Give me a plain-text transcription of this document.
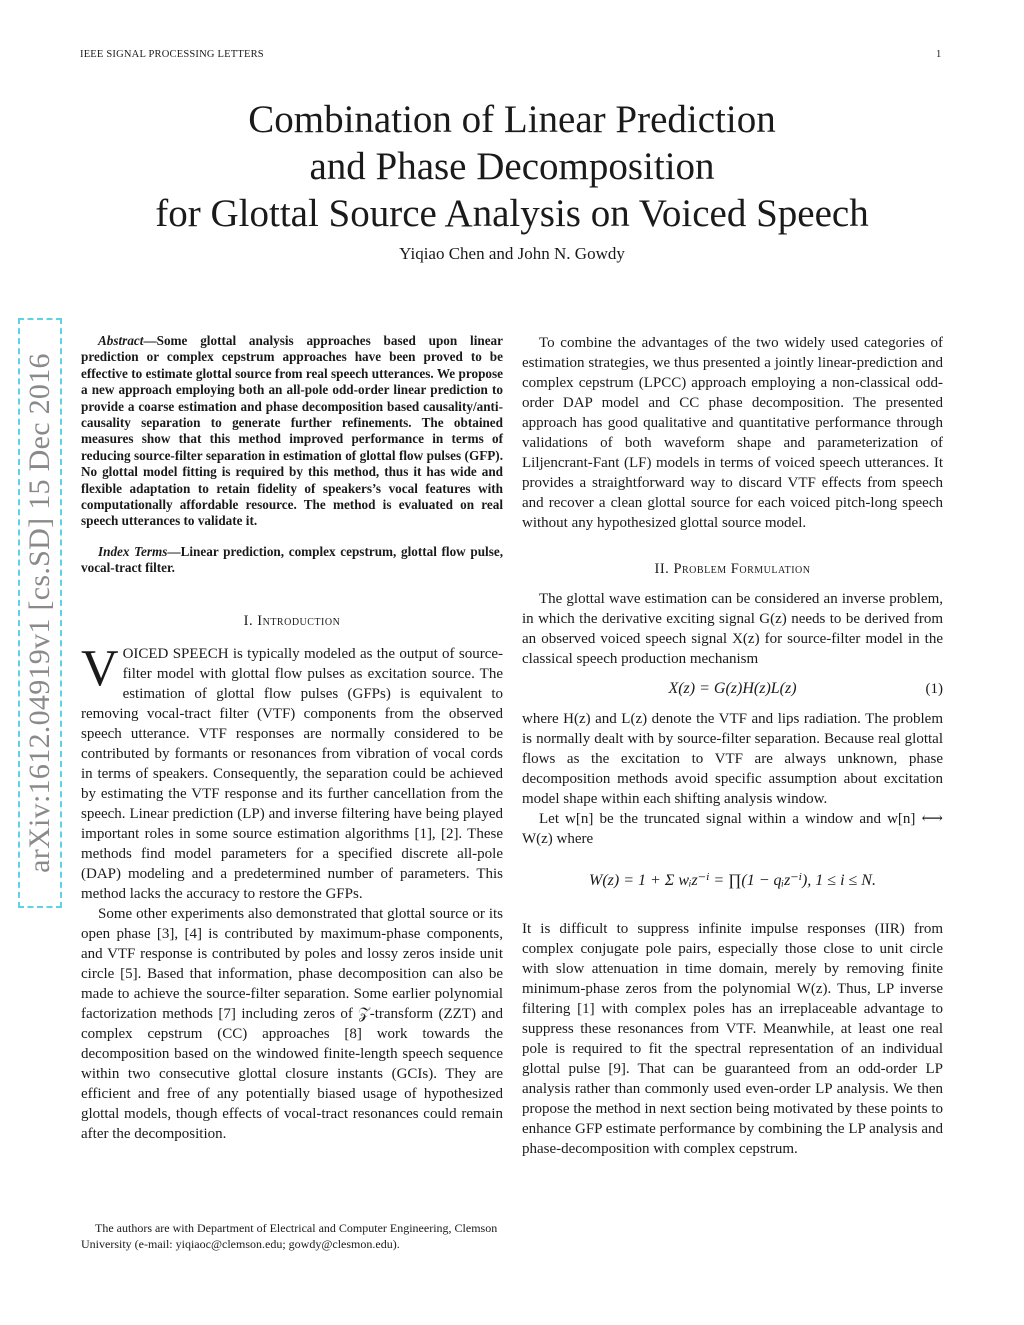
IEEE SIGNAL PROCESSING LETTERS	1
Combination of Linear Prediction
and Phase Decomposition
for Glottal Source Analysis on Voiced Speech
Yiqiao Chen and John N. Gowdy
arXiv:1612.04919v1 [cs.SD] 15 Dec 2016

Abstract—Some glottal analysis approaches based upon linear prediction or complex cepstrum approaches have been proved to be effective to estimate glottal source from real speech utterances. We propose a new approach employing both an all-pole odd-order linear prediction to provide a coarse estimation and phase decomposition based causality/anti-causality separation to generate further refinements. The obtained measures show that this method improved performance in terms of reducing source-filter separation in estimation of glottal flow pulses (GFP). No glottal model fitting is required by this method, thus it has wide and flexible adaptation to retain fidelity of speakers’s vocal features with computationally affordable resource. The method is evaluated on real speech utterances to validate it.

Index Terms—Linear prediction, complex cepstrum, glottal flow pulse, vocal-tract filter.

I. Introduction

VOICED SPEECH is typically modeled as the output of source-filter model with glottal flow pulses as excitation source. The estimation of glottal flow pulses (GFPs) is equivalent to removing vocal-tract filter (VTF) components from the observed speech utterance. VTF responses are normally considered to be contributed by formants or resonances from vibration of vocal cords in terms of speakers. Consequently, the separation could be achieved by estimating the VTF response and its further cancellation from the speech. Linear prediction (LP) and inverse filtering have being played important roles in some source estimation algorithms [1], [2]. These methods find model parameters for a specified discrete all-pole (DAP) modeling and a predetermined number of parameters. This method lacks the accuracy to restore the GFPs.

Some other experiments also demonstrated that glottal source or its open phase [3], [4] is contributed by maximum-phase components, and VTF response is contributed by poles and lossy zeros inside unit circle [5]. Based that information, phase decomposition can also be made to achieve the source-filter separation. Some earlier polynomial factorization methods [7] including zeros of 𝒵-transform (ZZT) and complex cepstrum (CC) approaches [8] work towards the decomposition based on the windowed finite-length speech sequence within two consecutive glottal closure instants (GCIs). They are efficient and free of any potentially biased usage of hypothesized glottal models, though effects of vocal-tract resonances could remain after the decomposition.

The authors are with Department of Electrical and Computer Engineering, Clemson University (e-mail: yiqiaoc@clemson.edu; gowdy@clesmon.edu).

To combine the advantages of the two widely used categories of estimation strategies, we thus presented a jointly linear-prediction and complex cepstrum (LPCC) approach employing a non-classical odd-order DAP model and CC phase decomposition. The presented approach has good qualitative and quantitative performance through validations of both waveform shape and parameterization of Liljencrant-Fant (LF) models in terms of voiced speech utterances. It provides a straightforward way to discard VTF effects from speech and recover a clean glottal source for each voiced pitch-long speech without any hypothesized glottal source model.

II. Problem Formulation

The glottal wave estimation can be considered an inverse problem, in which the derivative exciting signal G(z) needs to be derived from an observed voiced speech signal X(z) for source-filter model in the classical speech production mechanism

X(z) = G(z)H(z)L(z)	(1)

where H(z) and L(z) denote the VTF and lips radiation. The problem is normally dealt with by source-filter separation. Because real glottal flows as the excitation to VTF are always unknown, phase decomposition methods avoid specific assumption about excitation model shape within each shifting analysis window.

Let w[n] be the truncated signal within a window and w[n] ⟷ W(z) where

W(z) = 1 + Σ wᵢz⁻ⁱ = ∏(1 − qᵢz⁻ⁱ), 1 ≤ i ≤ N.

It is difficult to suppress infinite impulse responses (IIR) from complex conjugate pole pairs, especially those close to unit circle with slow attenuation in time domain, merely by removing finite minimum-phase zeros from the polynomial W(z). Thus, LP inverse filtering [1] with complex poles has an irreplaceable advantage to suppress these resonances from VTF. Meanwhile, at least one real pole is required to fit the spectral representation of an individual glottal pulse [9]. That can be guaranteed from an odd-order LP analysis rather than commonly used even-order LP analysis. We then propose the method in next section being motivated by these points to enhance GFP estimate performance by combining the LP analysis and phase-decomposition with complex cepstrum.
